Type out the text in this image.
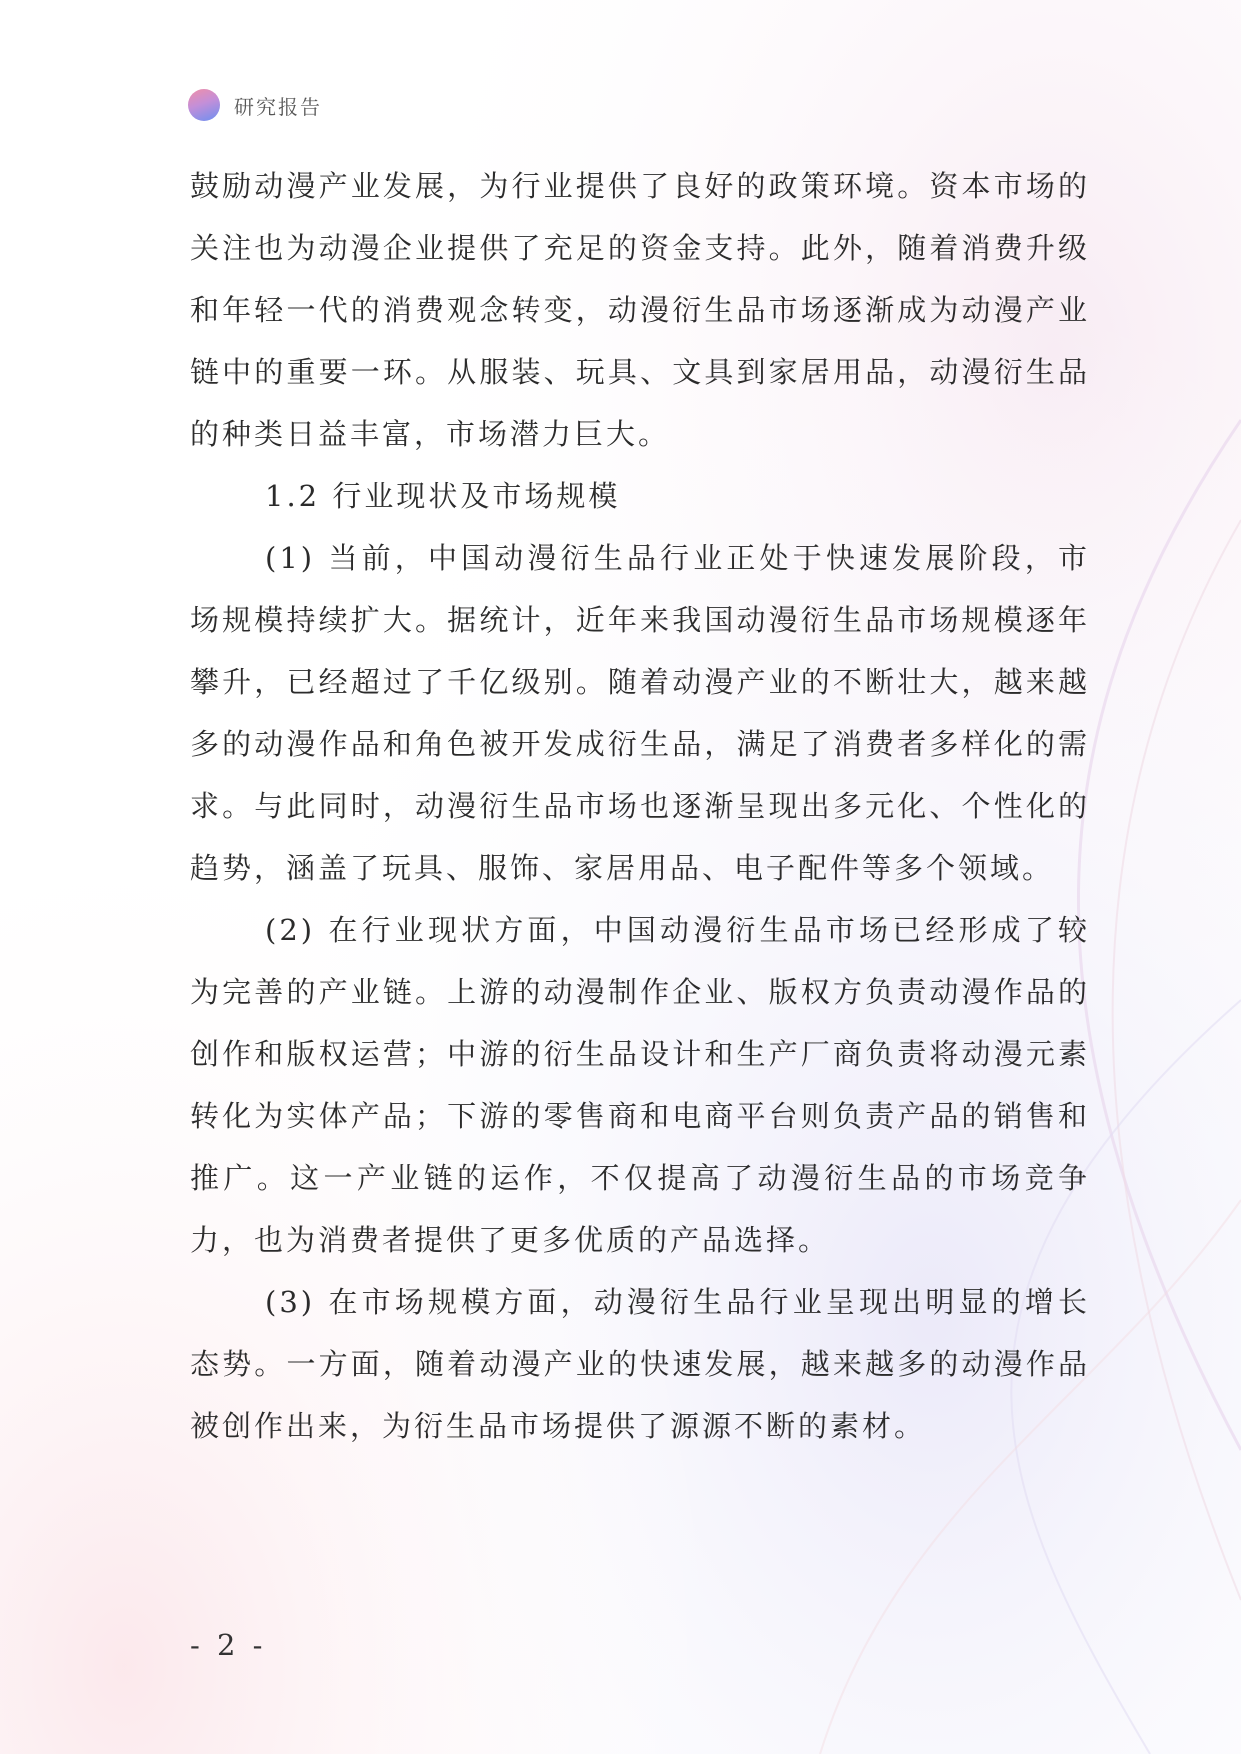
研究报告

鼓励动漫产业发展，为行业提供了良好的政策环境。资本市场的关注也为动漫企业提供了充足的资金支持。此外，随着消费升级和年轻一代的消费观念转变，动漫衍生品市场逐渐成为动漫产业链中的重要一环。从服装、玩具、文具到家居用品，动漫衍生品的种类日益丰富，市场潜力巨大。

1.2 行业现状及市场规模

(1) 当前，中国动漫衍生品行业正处于快速发展阶段，市场规模持续扩大。据统计，近年来我国动漫衍生品市场规模逐年攀升，已经超过了千亿级别。随着动漫产业的不断壮大，越来越多的动漫作品和角色被开发成衍生品，满足了消费者多样化的需求。与此同时，动漫衍生品市场也逐渐呈现出多元化、个性化的趋势，涵盖了玩具、服饰、家居用品、电子配件等多个领域。

(2) 在行业现状方面，中国动漫衍生品市场已经形成了较为完善的产业链。上游的动漫制作企业、版权方负责动漫作品的创作和版权运营；中游的衍生品设计和生产厂商负责将动漫元素转化为实体产品；下游的零售商和电商平台则负责产品的销售和推广。这一产业链的运作，不仅提高了动漫衍生品的市场竞争力，也为消费者提供了更多优质的产品选择。

(3) 在市场规模方面，动漫衍生品行业呈现出明显的增长态势。一方面，随着动漫产业的快速发展，越来越多的动漫作品被创作出来，为衍生品市场提供了源源不断的素材。

- 2 -
